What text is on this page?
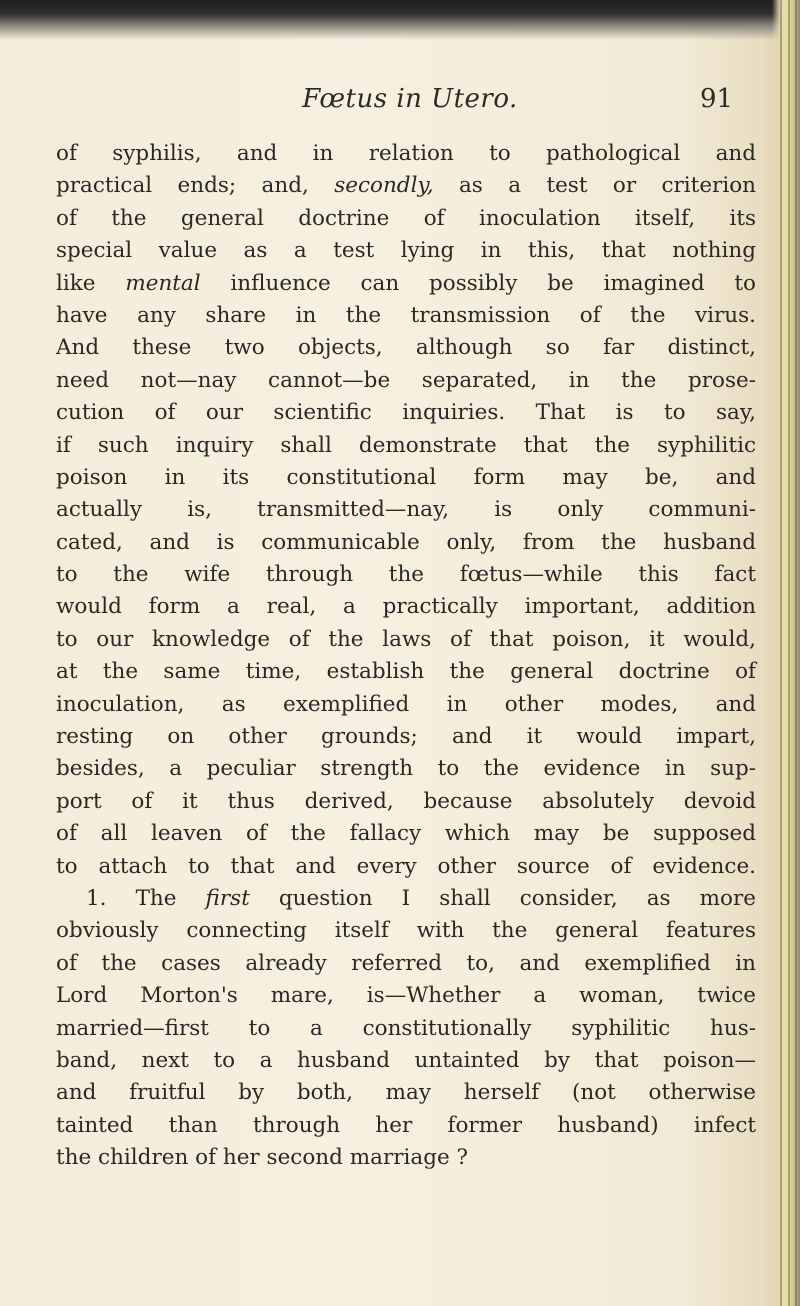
Fœtus in Utero.	91
of syphilis, and in relation to pathological and
practical ends; and, secondly, as a test or criterion
of the general doctrine of inoculation itself, its
special value as a test lying in this, that nothing
like mental influence can possibly be imagined to
have any share in the transmission of the virus.
And these two objects, although so far distinct,
need not—nay cannot—be separated, in the prose-
cution of our scientific inquiries. That is to say,
if such inquiry shall demonstrate that the syphilitic
poison in its constitutional form may be, and
actually is, transmitted—nay, is only communi-
cated, and is communicable only, from the husband
to the wife through the fœtus—while this fact
would form a real, a practically important, addition
to our knowledge of the laws of that poison, it would,
at the same time, establish the general doctrine of
inoculation, as exemplified in other modes, and
resting on other grounds; and it would impart,
besides, a peculiar strength to the evidence in sup-
port of it thus derived, because absolutely devoid
of all leaven of the fallacy which may be supposed
to attach to that and every other source of evidence.
1. The first question I shall consider, as more
obviously connecting itself with the general features
of the cases already referred to, and exemplified in
Lord Morton's mare, is—Whether a woman, twice
married—first to a constitutionally syphilitic hus-
band, next to a husband untainted by that poison—
and fruitful by both, may herself (not otherwise
tainted than through her former husband) infect
the children of her second marriage ?
